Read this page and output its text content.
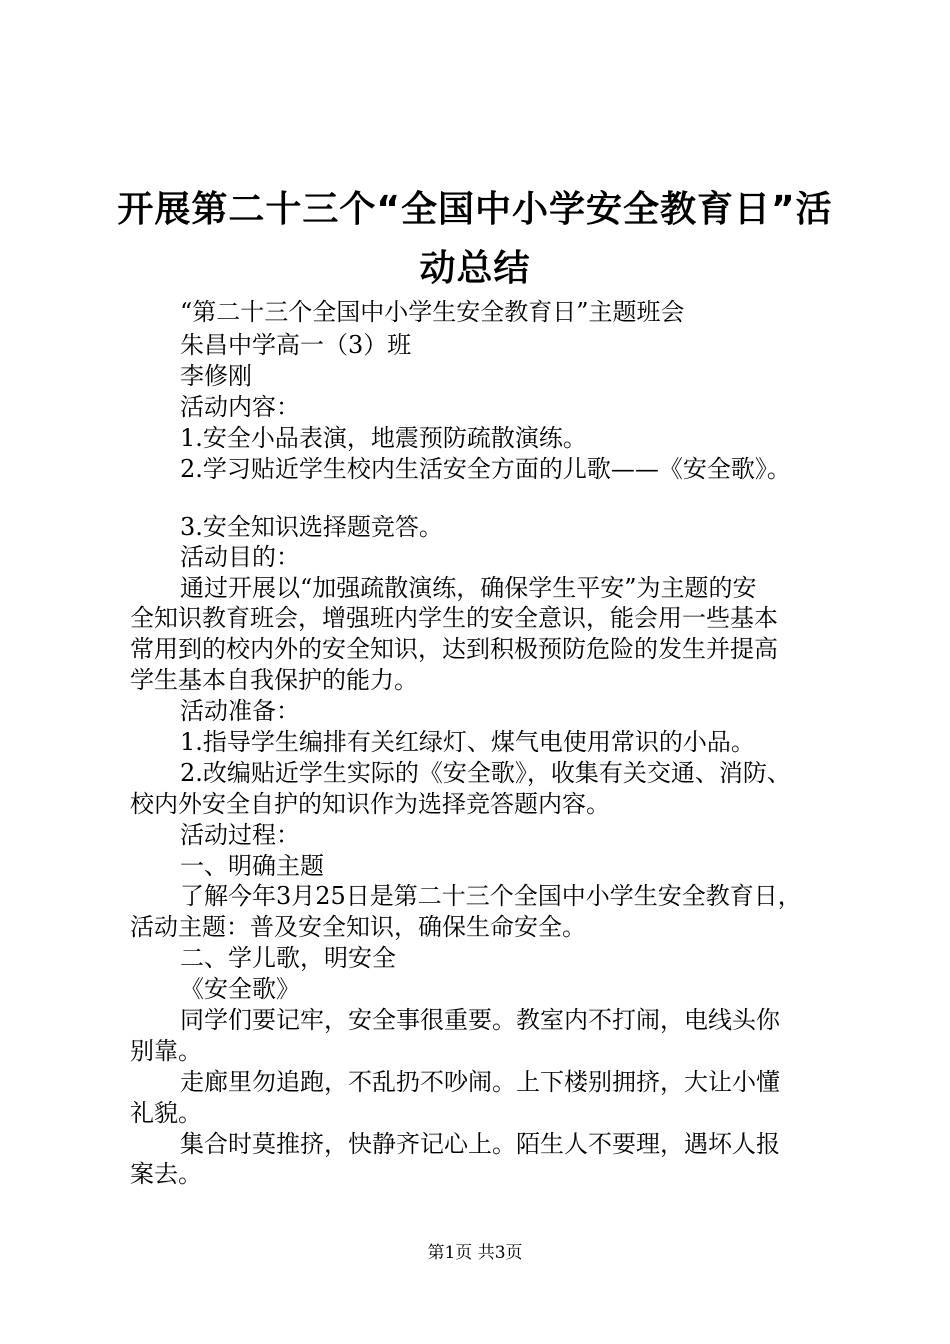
开展第二十三个“全国中小学安全教育日”活
动总结
“第二十三个全国中小学生安全教育日”主题班会
朱昌中学高一（3）班
李修刚
活动内容：
1.安全小品表演，地震预防疏散演练。
2.学习贴近学生校内生活安全方面的儿歌——《安全歌》。
3.安全知识选择题竞答。
活动目的：
通过开展以“加强疏散演练，确保学生平安”为主题的安
全知识教育班会，增强班内学生的安全意识，能会用一些基本
常用到的校内外的安全知识，达到积极预防危险的发生并提高
学生基本自我保护的能力。
活动准备：
1.指导学生编排有关红绿灯、煤气电使用常识的小品。
2.改编贴近学生实际的《安全歌》，收集有关交通、消防、
校内外安全自护的知识作为选择竞答题内容。
活动过程：
一、明确主题
了解今年3月25日是第二十三个全国中小学生安全教育日，
活动主题：普及安全知识，确保生命安全。
二、学儿歌，明安全
《安全歌》
同学们要记牢，安全事很重要。教室内不打闹，电线头你
别靠。
走廊里勿追跑，不乱扔不吵闹。上下楼别拥挤，大让小懂
礼貌。
集合时莫推挤，快静齐记心上。陌生人不要理，遇坏人报
案去。
第1页 共3页
